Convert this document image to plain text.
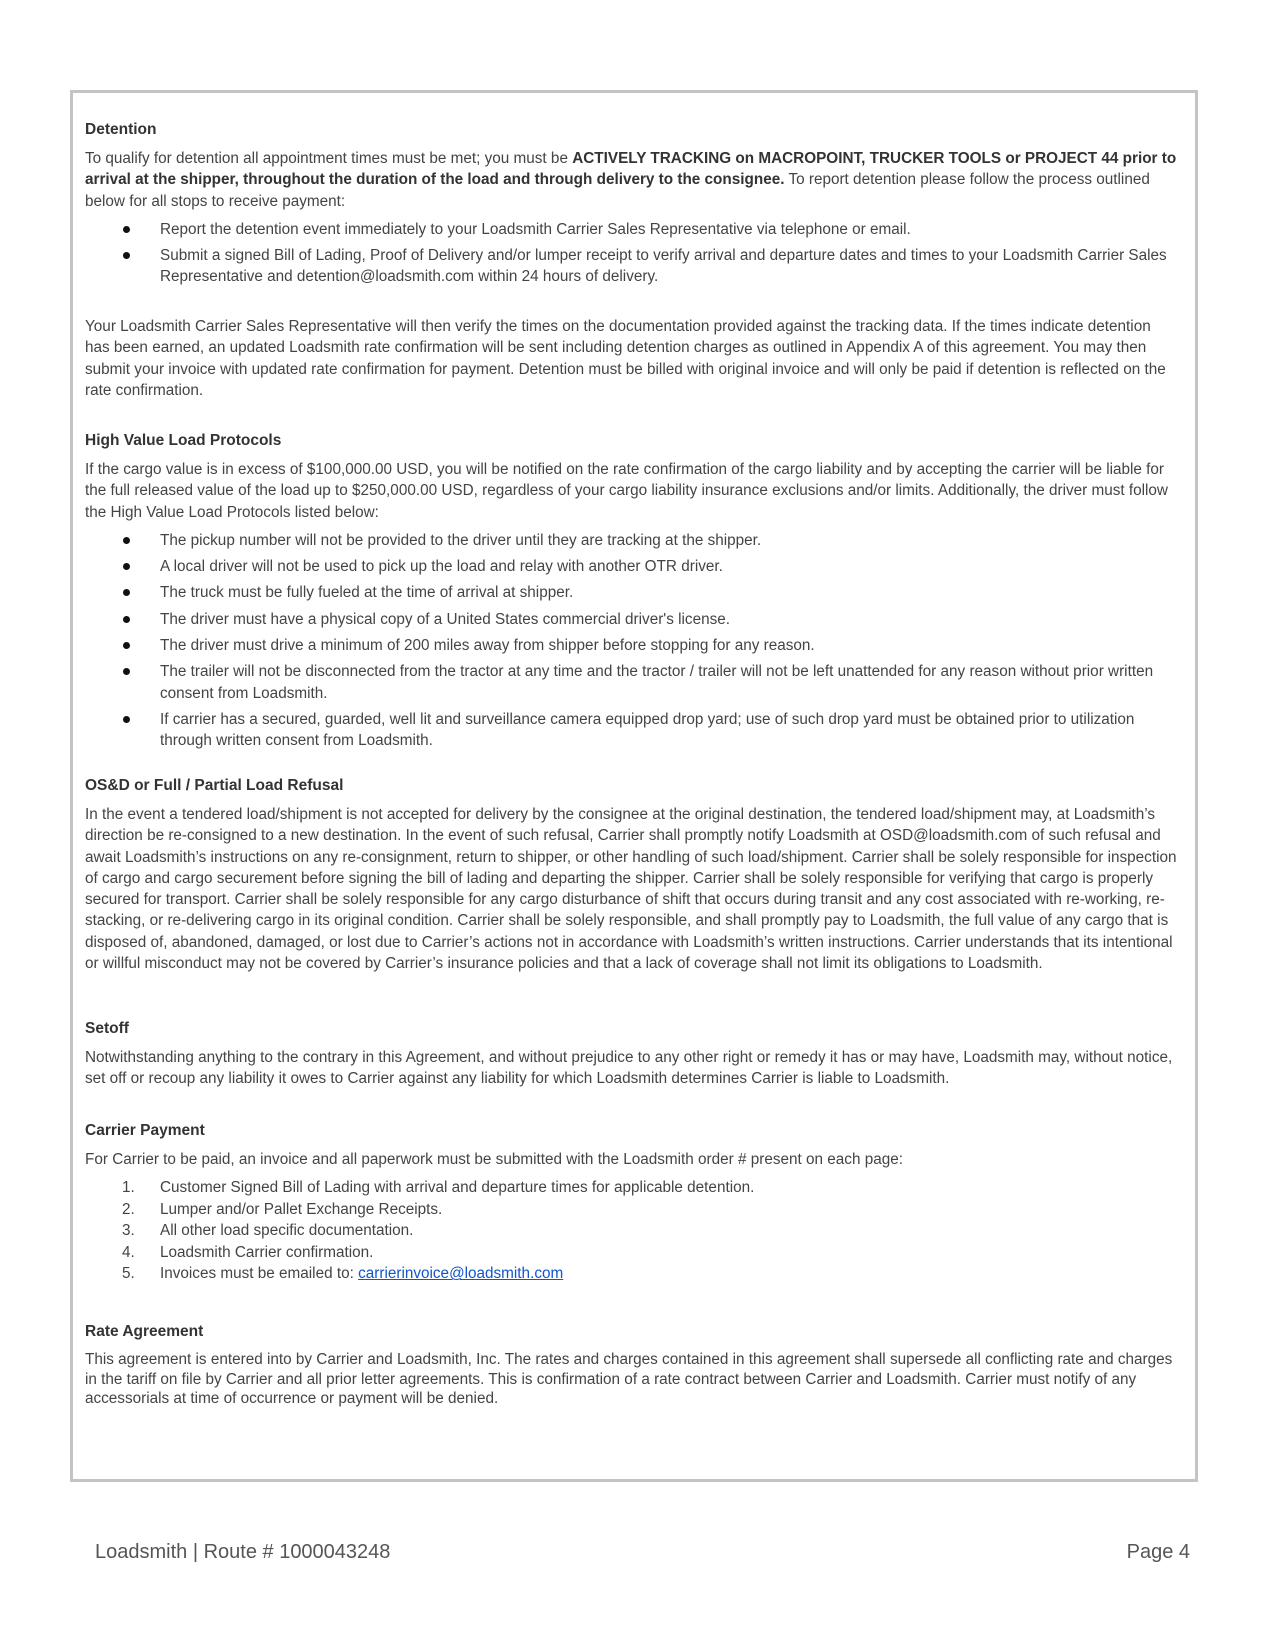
Detention

To qualify for detention all appointment times must be met; you must be ACTIVELY TRACKING on MACROPOINT, TRUCKER TOOLS or PROJECT 44 prior to arrival at the shipper, throughout the duration of the load and through delivery to the consignee. To report detention please follow the process outlined below for all stops to receive payment:

Report the detention event immediately to your Loadsmith Carrier Sales Representative via telephone or email.
Submit a signed Bill of Lading, Proof of Delivery and/or lumper receipt to verify arrival and departure dates and times to your Loadsmith Carrier Sales Representative and detention@loadsmith.com within 24 hours of delivery.

Your Loadsmith Carrier Sales Representative will then verify the times on the documentation provided against the tracking data. If the times indicate detention has been earned, an updated Loadsmith rate confirmation will be sent including detention charges as outlined in Appendix A of this agreement. You may then submit your invoice with updated rate confirmation for payment. Detention must be billed with original invoice and will only be paid if detention is reflected on the rate confirmation.

High Value Load Protocols

If the cargo value is in excess of $100,000.00 USD, you will be notified on the rate confirmation of the cargo liability and by accepting the carrier will be liable for the full released value of the load up to $250,000.00 USD, regardless of your cargo liability insurance exclusions and/or limits. Additionally, the driver must follow the High Value Load Protocols listed below:

The pickup number will not be provided to the driver until they are tracking at the shipper.
A local driver will not be used to pick up the load and relay with another OTR driver.
The truck must be fully fueled at the time of arrival at shipper.
The driver must have a physical copy of a United States commercial driver's license.
The driver must drive a minimum of 200 miles away from shipper before stopping for any reason.
The trailer will not be disconnected from the tractor at any time and the tractor / trailer will not be left unattended for any reason without prior written consent from Loadsmith.
If carrier has a secured, guarded, well lit and surveillance camera equipped drop yard; use of such drop yard must be obtained prior to utilization through written consent from Loadsmith.
OS&D or Full / Partial Load Refusal

In the event a tendered load/shipment is not accepted for delivery by the consignee at the original destination, the tendered load/shipment may, at Loadsmith’s direction be re-consigned to a new destination. In the event of such refusal, Carrier shall promptly notify Loadsmith at OSD@loadsmith.com of such refusal and await Loadsmith’s instructions on any re-consignment, return to shipper, or other handling of such load/shipment. Carrier shall be solely responsible for inspection of cargo and cargo securement before signing the bill of lading and departing the shipper. Carrier shall be solely responsible for verifying that cargo is properly secured for transport. Carrier shall be solely responsible for any cargo disturbance of shift that occurs during transit and any cost associated with re-working, re-stacking, or re-delivering cargo in its original condition. Carrier shall be solely responsible, and shall promptly pay to Loadsmith, the full value of any cargo that is disposed of, abandoned, damaged, or lost due to Carrier’s actions not in accordance with Loadsmith’s written instructions. Carrier understands that its intentional or willful misconduct may not be covered by Carrier’s insurance policies and that a lack of coverage shall not limit its obligations to Loadsmith.

Setoff

Notwithstanding anything to the contrary in this Agreement, and without prejudice to any other right or remedy it has or may have, Loadsmith may, without notice, set off or recoup any liability it owes to Carrier against any liability for which Loadsmith determines Carrier is liable to Loadsmith.

Carrier Payment

For Carrier to be paid, an invoice and all paperwork must be submitted with the Loadsmith order # present on each page:

1. Customer Signed Bill of Lading with arrival and departure times for applicable detention.
2. Lumper and/or Pallet Exchange Receipts.
3. All other load specific documentation.
4. Loadsmith Carrier confirmation.
5. Invoices must be emailed to: carrierinvoice@loadsmith.com
Rate Agreement

This agreement is entered into by Carrier and Loadsmith, Inc. The rates and charges contained in this agreement shall supersede all conflicting rate and charges in the tariff on file by Carrier and all prior letter agreements. This is confirmation of a rate contract between Carrier and Loadsmith. Carrier must notify of any accessorials at time of occurrence or payment will be denied.

Loadsmith | Route # 1000043248	Page 4
